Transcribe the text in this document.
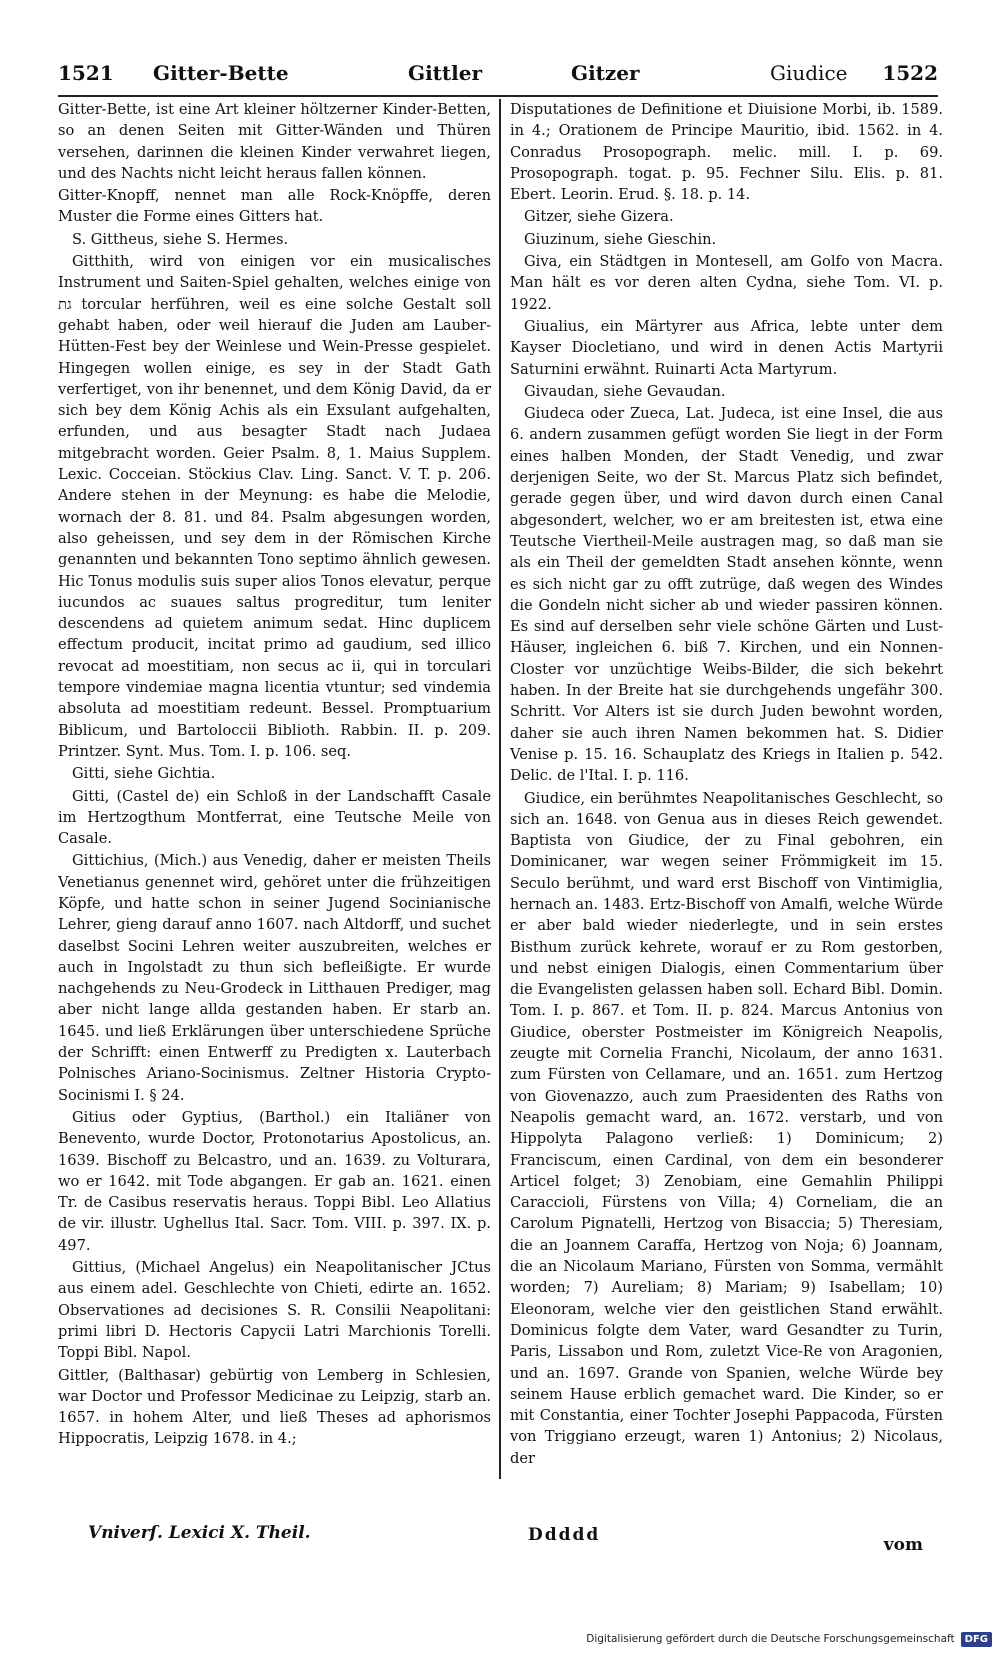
1521 Gitter-Bette	Gittler	Gitzer	Giudice 1522

Gitter-Bette, ist eine Art kleiner höltzerner Kinder-Betten, so an denen Seiten mit Gitter-Wänden und Thüren versehen, darinnen die kleinen Kinder verwahret liegen, und des Nachts nicht leicht heraus fallen können.

Gitter-Knopff, nennet man alle Rock-Knöpffe, deren Muster die Forme eines Gitters hat.

S. Gittheus, siehe S. Hermes.

Gitthith, wird von einigen vor ein musicalisches Instrument und Saiten-Spiel gehalten, welches einige von גת torcular herführen, weil es eine solche Gestalt soll gehabt haben, oder weil hierauf die Juden am Lauber-Hütten-Fest bey der Weinlese und Wein-Presse gespielet. Hingegen wollen einige, es sey in der Stadt Gath verfertiget, von ihr benennet, und dem König David, da er sich bey dem König Achis als ein Exsulant aufgehalten, erfunden, und aus besagter Stadt nach Judaea mitgebracht worden. Geier Psalm. 8, 1. Maius Supplem. Lexic. Cocceian. Stöckius Clav. Ling. Sanct. V. T. p. 206. Andere stehen in der Meynung: es habe die Melodie, wornach der 8. 81. und 84. Psalm abgesungen worden, also geheissen, und sey dem in der Römischen Kirche genannten und bekannten Tono septimo ähnlich gewesen. Hic Tonus modulis suis super alios Tonos elevatur, perque iucundos ac suaues saltus progreditur, tum leniter descendens ad quietem animum sedat. Hinc duplicem effectum producit, incitat primo ad gaudium, sed illico revocat ad moestitiam, non secus ac ii, qui in torculari tempore vindemiae magna licentia vtuntur; sed vindemia absoluta ad moestitiam redeunt. Bessel. Promptuarium Biblicum, und Bartoloccii Biblioth. Rabbin. II. p. 209. Printzer. Synt. Mus. Tom. I. p. 106. seq.

Gitti, siehe Gichtia.

Gitti, (Castel de) ein Schloß in der Landschafft Casale im Hertzogthum Montferrat, eine Teutsche Meile von Casale.

Gittichius, (Mich.) aus Venedig, daher er meisten Theils Venetianus genennet wird, gehöret unter die frühzeitigen Köpfe, und hatte schon in seiner Jugend Socinianische Lehrer, gieng darauf anno 1607. nach Altdorff, und suchet daselbst Socini Lehren weiter auszubreiten, welches er auch in Ingolstadt zu thun sich befleißigte. Er wurde nachgehends zu Neu-Grodeck in Litthauen Prediger, mag aber nicht lange allda gestanden haben. Er starb an. 1645. und ließ Erklärungen über unterschiedene Sprüche der Schrifft: einen Entwerff zu Predigten x. Lauterbach Polnisches Ariano-Socinismus. Zeltner Historia Crypto-Socinismi I. § 24.

Gitius oder Gyptius, (Barthol.) ein Italiäner von Benevento, wurde Doctor, Protonotarius Apostolicus, an. 1639. Bischoff zu Belcastro, und an. 1639. zu Volturara, wo er 1642. mit Tode abgangen. Er gab an. 1621. einen Tr. de Casibus reservatis heraus. Toppi Bibl. Leo Allatius de vir. illustr. Ughellus Ital. Sacr. Tom. VIII. p. 397. IX. p. 497.

Gittius, (Michael Angelus) ein Neapolitanischer JCtus aus einem adel. Geschlechte von Chieti, edirte an. 1652. Observationes ad decisiones S. R. Consilii Neapolitani: primi libri D. Hectoris Capycii Latri Marchionis Torelli. Toppi Bibl. Napol.

Gittler, (Balthasar) gebürtig von Lemberg in Schlesien, war Doctor und Professor Medicinae zu Leipzig, starb an. 1657. in hohem Alter, und ließ Theses ad aphorismos Hippocratis, Leipzig 1678. in 4.;

Disputationes de Definitione et Diuisione Morbi, ib. 1589. in 4.; Orationem de Principe Mauritio, ibid. 1562. in 4. Conradus Prosopograph. melic. mill. I. p. 69. Prosopograph. togat. p. 95. Fechner Silu. Elis. p. 81. Ebert. Leorin. Erud. §. 18. p. 14.

Gitzer, siehe Gizera.

Giuzinum, siehe Gieschin.

Giva, ein Städtgen in Montesell, am Golfo von Macra. Man hält es vor deren alten Cydna, siehe Tom. VI. p. 1922.

Giualius, ein Märtyrer aus Africa, lebte unter dem Kayser Diocletiano, und wird in denen Actis Martyrii Saturnini erwähnt. Ruinarti Acta Martyrum.

Givaudan, siehe Gevaudan.

Giudeca oder Zueca, Lat. Judeca, ist eine Insel, die aus 6. andern zusammen gefügt worden Sie liegt in der Form eines halben Monden, der Stadt Venedig, und zwar derjenigen Seite, wo der St. Marcus Platz sich befindet, gerade gegen über, und wird davon durch einen Canal abgesondert, welcher, wo er am breitesten ist, etwa eine Teutsche Viertheil-Meile austragen mag, so daß man sie als ein Theil der gemeldten Stadt ansehen könnte, wenn es sich nicht gar zu offt zutrüge, daß wegen des Windes die Gondeln nicht sicher ab und wieder passiren können. Es sind auf derselben sehr viele schöne Gärten und Lust-Häuser, ingleichen 6. biß 7. Kirchen, und ein Nonnen-Closter vor unzüchtige Weibs-Bilder, die sich bekehrt haben. In der Breite hat sie durchgehends ungefähr 300. Schritt. Vor Alters ist sie durch Juden bewohnt worden, daher sie auch ihren Namen bekommen hat. S. Didier Venise p. 15. 16. Schauplatz des Kriegs in Italien p. 542. Delic. de l'Ital. I. p. 116.

Giudice, ein berühmtes Neapolitanisches Geschlecht, so sich an. 1648. von Genua aus in dieses Reich gewendet. Baptista von Giudice, der zu Final gebohren, ein Dominicaner, war wegen seiner Frömmigkeit im 15. Seculo berühmt, und ward erst Bischoff von Vintimiglia, hernach an. 1483. Ertz-Bischoff von Amalfi, welche Würde er aber bald wieder niederlegte, und in sein erstes Bisthum zurück kehrete, worauf er zu Rom gestorben, und nebst einigen Dialogis, einen Commentarium über die Evangelisten gelassen haben soll. Echard Bibl. Domin. Tom. I. p. 867. et Tom. II. p. 824. Marcus Antonius von Giudice, oberster Postmeister im Königreich Neapolis, zeugte mit Cornelia Franchi, Nicolaum, der anno 1631. zum Fürsten von Cellamare, und an. 1651. zum Hertzog von Giovenazzo, auch zum Praesidenten des Raths von Neapolis gemacht ward, an. 1672. verstarb, und von Hippolyta Palagono verließ: 1) Dominicum; 2) Franciscum, einen Cardinal, von dem ein besonderer Articel folget; 3) Zenobiam, eine Gemahlin Philippi Caraccioli, Fürstens von Villa; 4) Corneliam, die an Carolum Pignatelli, Hertzog von Bisaccia; 5) Theresiam, die an Joannem Caraffa, Hertzog von Noja; 6) Joannam, die an Nicolaum Mariano, Fürsten von Somma, vermählt worden; 7) Aureliam; 8) Mariam; 9) Isabellam; 10) Eleonoram, welche vier den geistlichen Stand erwählt. Dominicus folgte dem Vater, ward Gesandter zu Turin, Paris, Lissabon und Rom, zuletzt Vice-Re von Aragonien, und an. 1697. Grande von Spanien, welche Würde bey seinem Hause erblich gemachet ward. Die Kinder, so er mit Constantia, einer Tochter Josephi Pappacoda, Fürsten von Triggiano erzeugt, waren 1) Antonius; 2) Nicolaus, der

Vniverſ. Lexici X. Theil.	Ddddd	vom
Digitalisierung gefördert durch die Deutsche Forschungsgemeinschaft	DFG
